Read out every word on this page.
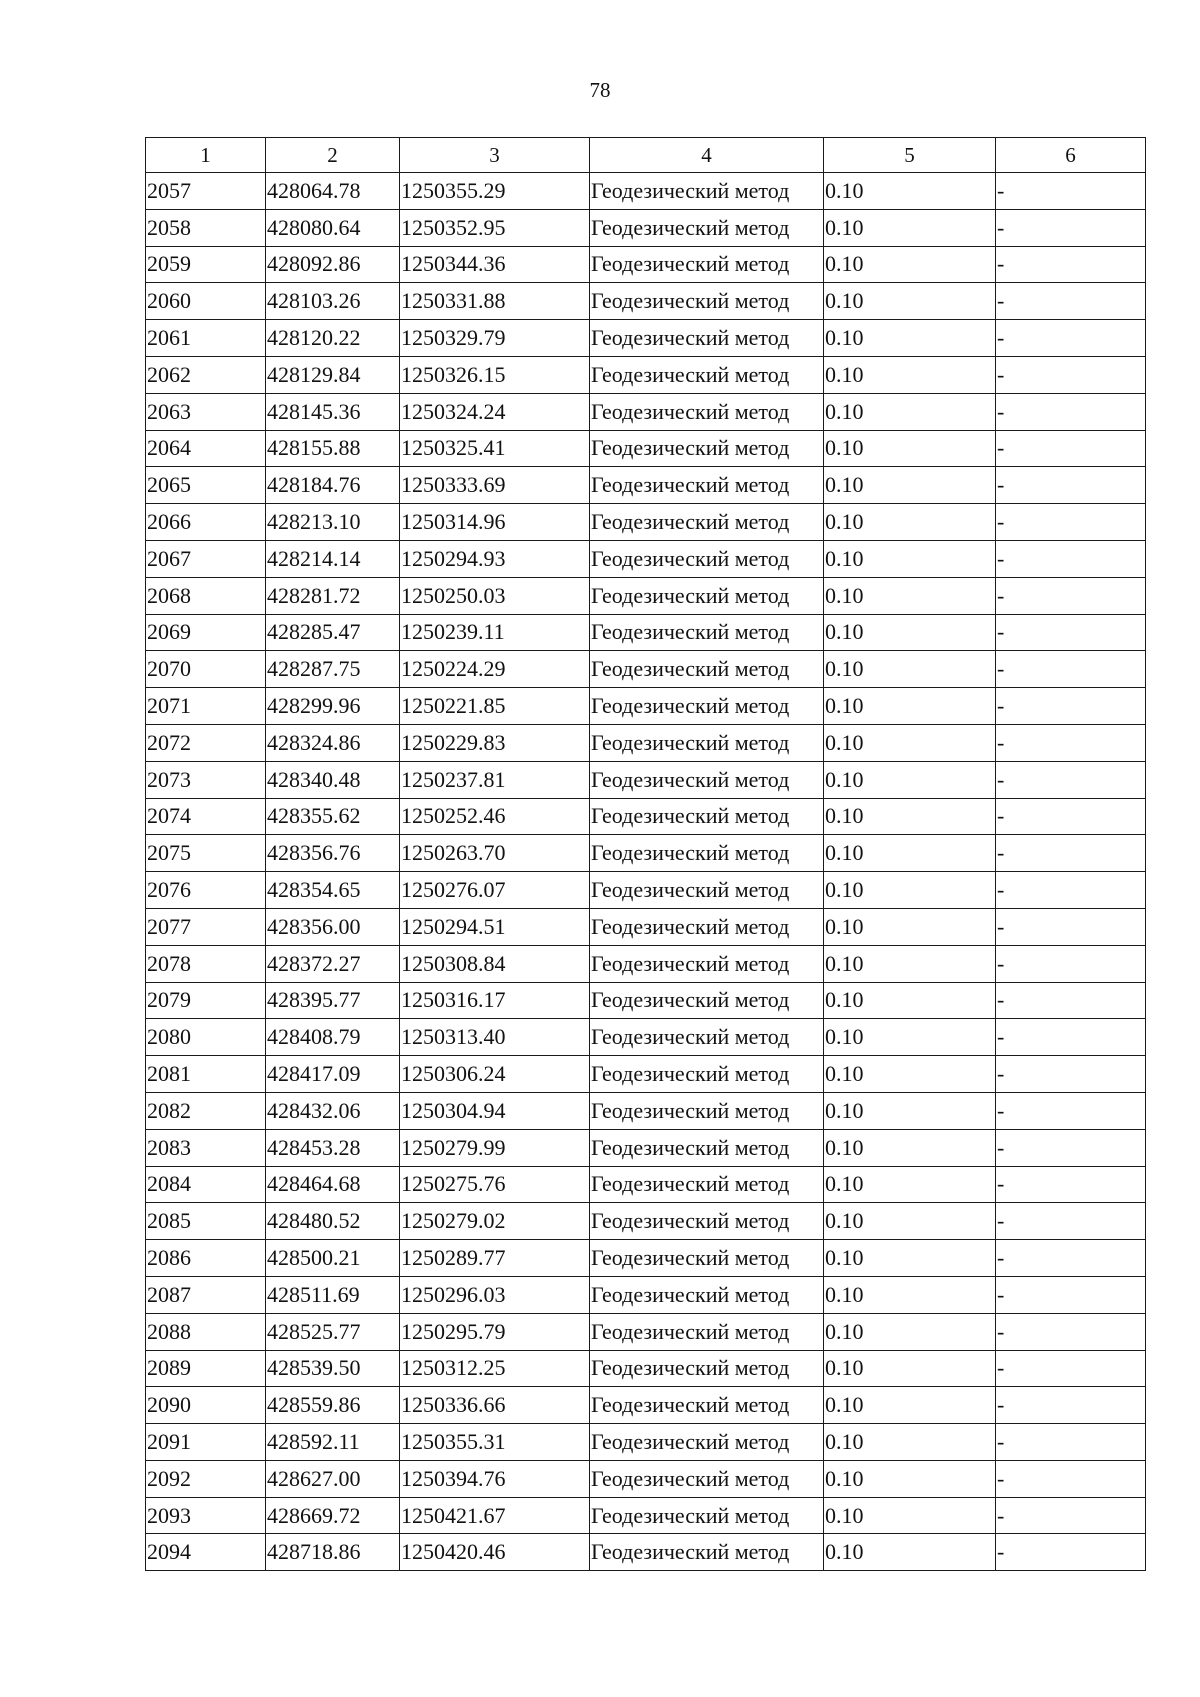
78
1	2	3	4	5	6
2057	428064.78	1250355.29	Геодезический метод	0.10	-
2058	428080.64	1250352.95	Геодезический метод	0.10	-
2059	428092.86	1250344.36	Геодезический метод	0.10	-
2060	428103.26	1250331.88	Геодезический метод	0.10	-
2061	428120.22	1250329.79	Геодезический метод	0.10	-
2062	428129.84	1250326.15	Геодезический метод	0.10	-
2063	428145.36	1250324.24	Геодезический метод	0.10	-
2064	428155.88	1250325.41	Геодезический метод	0.10	-
2065	428184.76	1250333.69	Геодезический метод	0.10	-
2066	428213.10	1250314.96	Геодезический метод	0.10	-
2067	428214.14	1250294.93	Геодезический метод	0.10	-
2068	428281.72	1250250.03	Геодезический метод	0.10	-
2069	428285.47	1250239.11	Геодезический метод	0.10	-
2070	428287.75	1250224.29	Геодезический метод	0.10	-
2071	428299.96	1250221.85	Геодезический метод	0.10	-
2072	428324.86	1250229.83	Геодезический метод	0.10	-
2073	428340.48	1250237.81	Геодезический метод	0.10	-
2074	428355.62	1250252.46	Геодезический метод	0.10	-
2075	428356.76	1250263.70	Геодезический метод	0.10	-
2076	428354.65	1250276.07	Геодезический метод	0.10	-
2077	428356.00	1250294.51	Геодезический метод	0.10	-
2078	428372.27	1250308.84	Геодезический метод	0.10	-
2079	428395.77	1250316.17	Геодезический метод	0.10	-
2080	428408.79	1250313.40	Геодезический метод	0.10	-
2081	428417.09	1250306.24	Геодезический метод	0.10	-
2082	428432.06	1250304.94	Геодезический метод	0.10	-
2083	428453.28	1250279.99	Геодезический метод	0.10	-
2084	428464.68	1250275.76	Геодезический метод	0.10	-
2085	428480.52	1250279.02	Геодезический метод	0.10	-
2086	428500.21	1250289.77	Геодезический метод	0.10	-
2087	428511.69	1250296.03	Геодезический метод	0.10	-
2088	428525.77	1250295.79	Геодезический метод	0.10	-
2089	428539.50	1250312.25	Геодезический метод	0.10	-
2090	428559.86	1250336.66	Геодезический метод	0.10	-
2091	428592.11	1250355.31	Геодезический метод	0.10	-
2092	428627.00	1250394.76	Геодезический метод	0.10	-
2093	428669.72	1250421.67	Геодезический метод	0.10	-
2094	428718.86	1250420.46	Геодезический метод	0.10	-
